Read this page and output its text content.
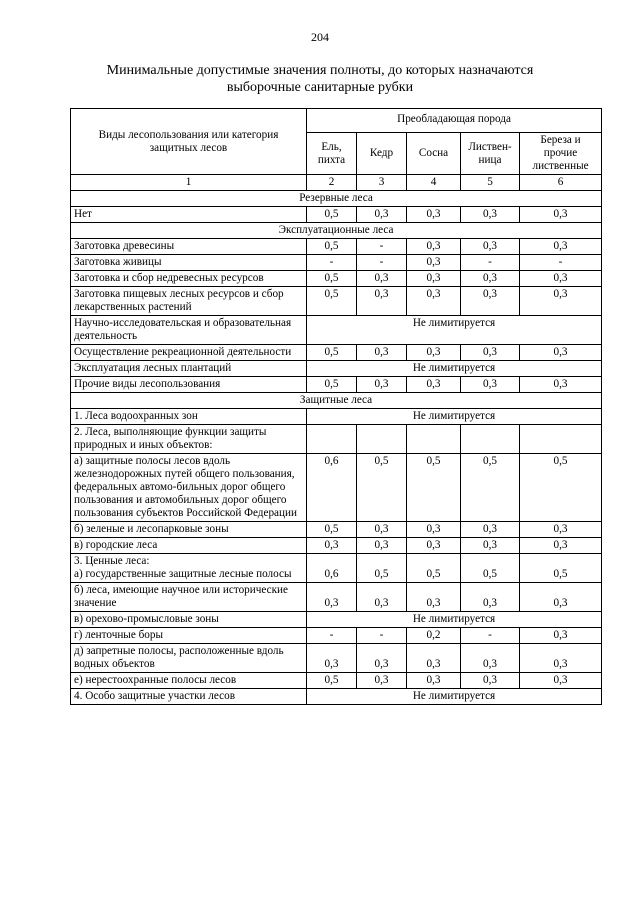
204
Минимальные допустимые значения полноты, до которых назначаются
выборочные санитарные рубки
Виды лесопользования или категория защитных лесов	Преобладающая порода				
	Ель, пихта	Кедр	Сосна	Листвен-ница	Береза и прочие лиственные
1	2	3	4	5	6
Резервные леса					
Нет	0,5	0,3	0,3	0,3	0,3
Эксплуатационные леса					
Заготовка древесины	0,5	-	0,3	0,3	0,3
Заготовка живицы	-	-	0,3	-	-
Заготовка и сбор недревесных ресурсов	0,5	0,3	0,3	0,3	0,3
Заготовка пищевых лесных ресурсов и сбор лекарственных растений	0,5	0,3	0,3	0,3	0,3
Научно-исследовательская и образовательная деятельность	Не лимитируется				
Осуществление рекреационной деятельности	0,5	0,3	0,3	0,3	0,3
Эксплуатация лесных плантаций	Не лимитируется				
Прочие виды лесопользования	0,5	0,3	0,3	0,3	0,3
Защитные леса					
1. Леса водоохранных зон	Не лимитируется				
2. Леса, выполняющие функции защиты природных и иных объектов:					
а) защитные полосы лесов вдоль железнодорожных путей общего пользования, федеральных автомо-бильных дорог общего пользования и автомобильных дорог общего пользования субъектов Российской Федерации	0,6	0,5	0,5	0,5	0,5
б) зеленые и лесопарковые зоны	0,5	0,3	0,3	0,3	0,3
в) городские леса	0,3	0,3	0,3	0,3	0,3

3. Ценные леса:
а) государственные защитные лесные полосы	0,6	0,5	0,5	0,5	0,5
б) леса, имеющие научное или исторические значение	0,3	0,3	0,3	0,3	0,3
в) орехово-промысловые зоны	Не лимитируется				
г) ленточные боры	-	-	0,2	-	0,3
д) запретные полосы, расположенные вдоль водных объектов	0,3	0,3	0,3	0,3	0,3
е) нерестоохранные полосы лесов	0,5	0,3	0,3	0,3	0,3
4. Особо защитные участки лесов	Не лимитируется				
